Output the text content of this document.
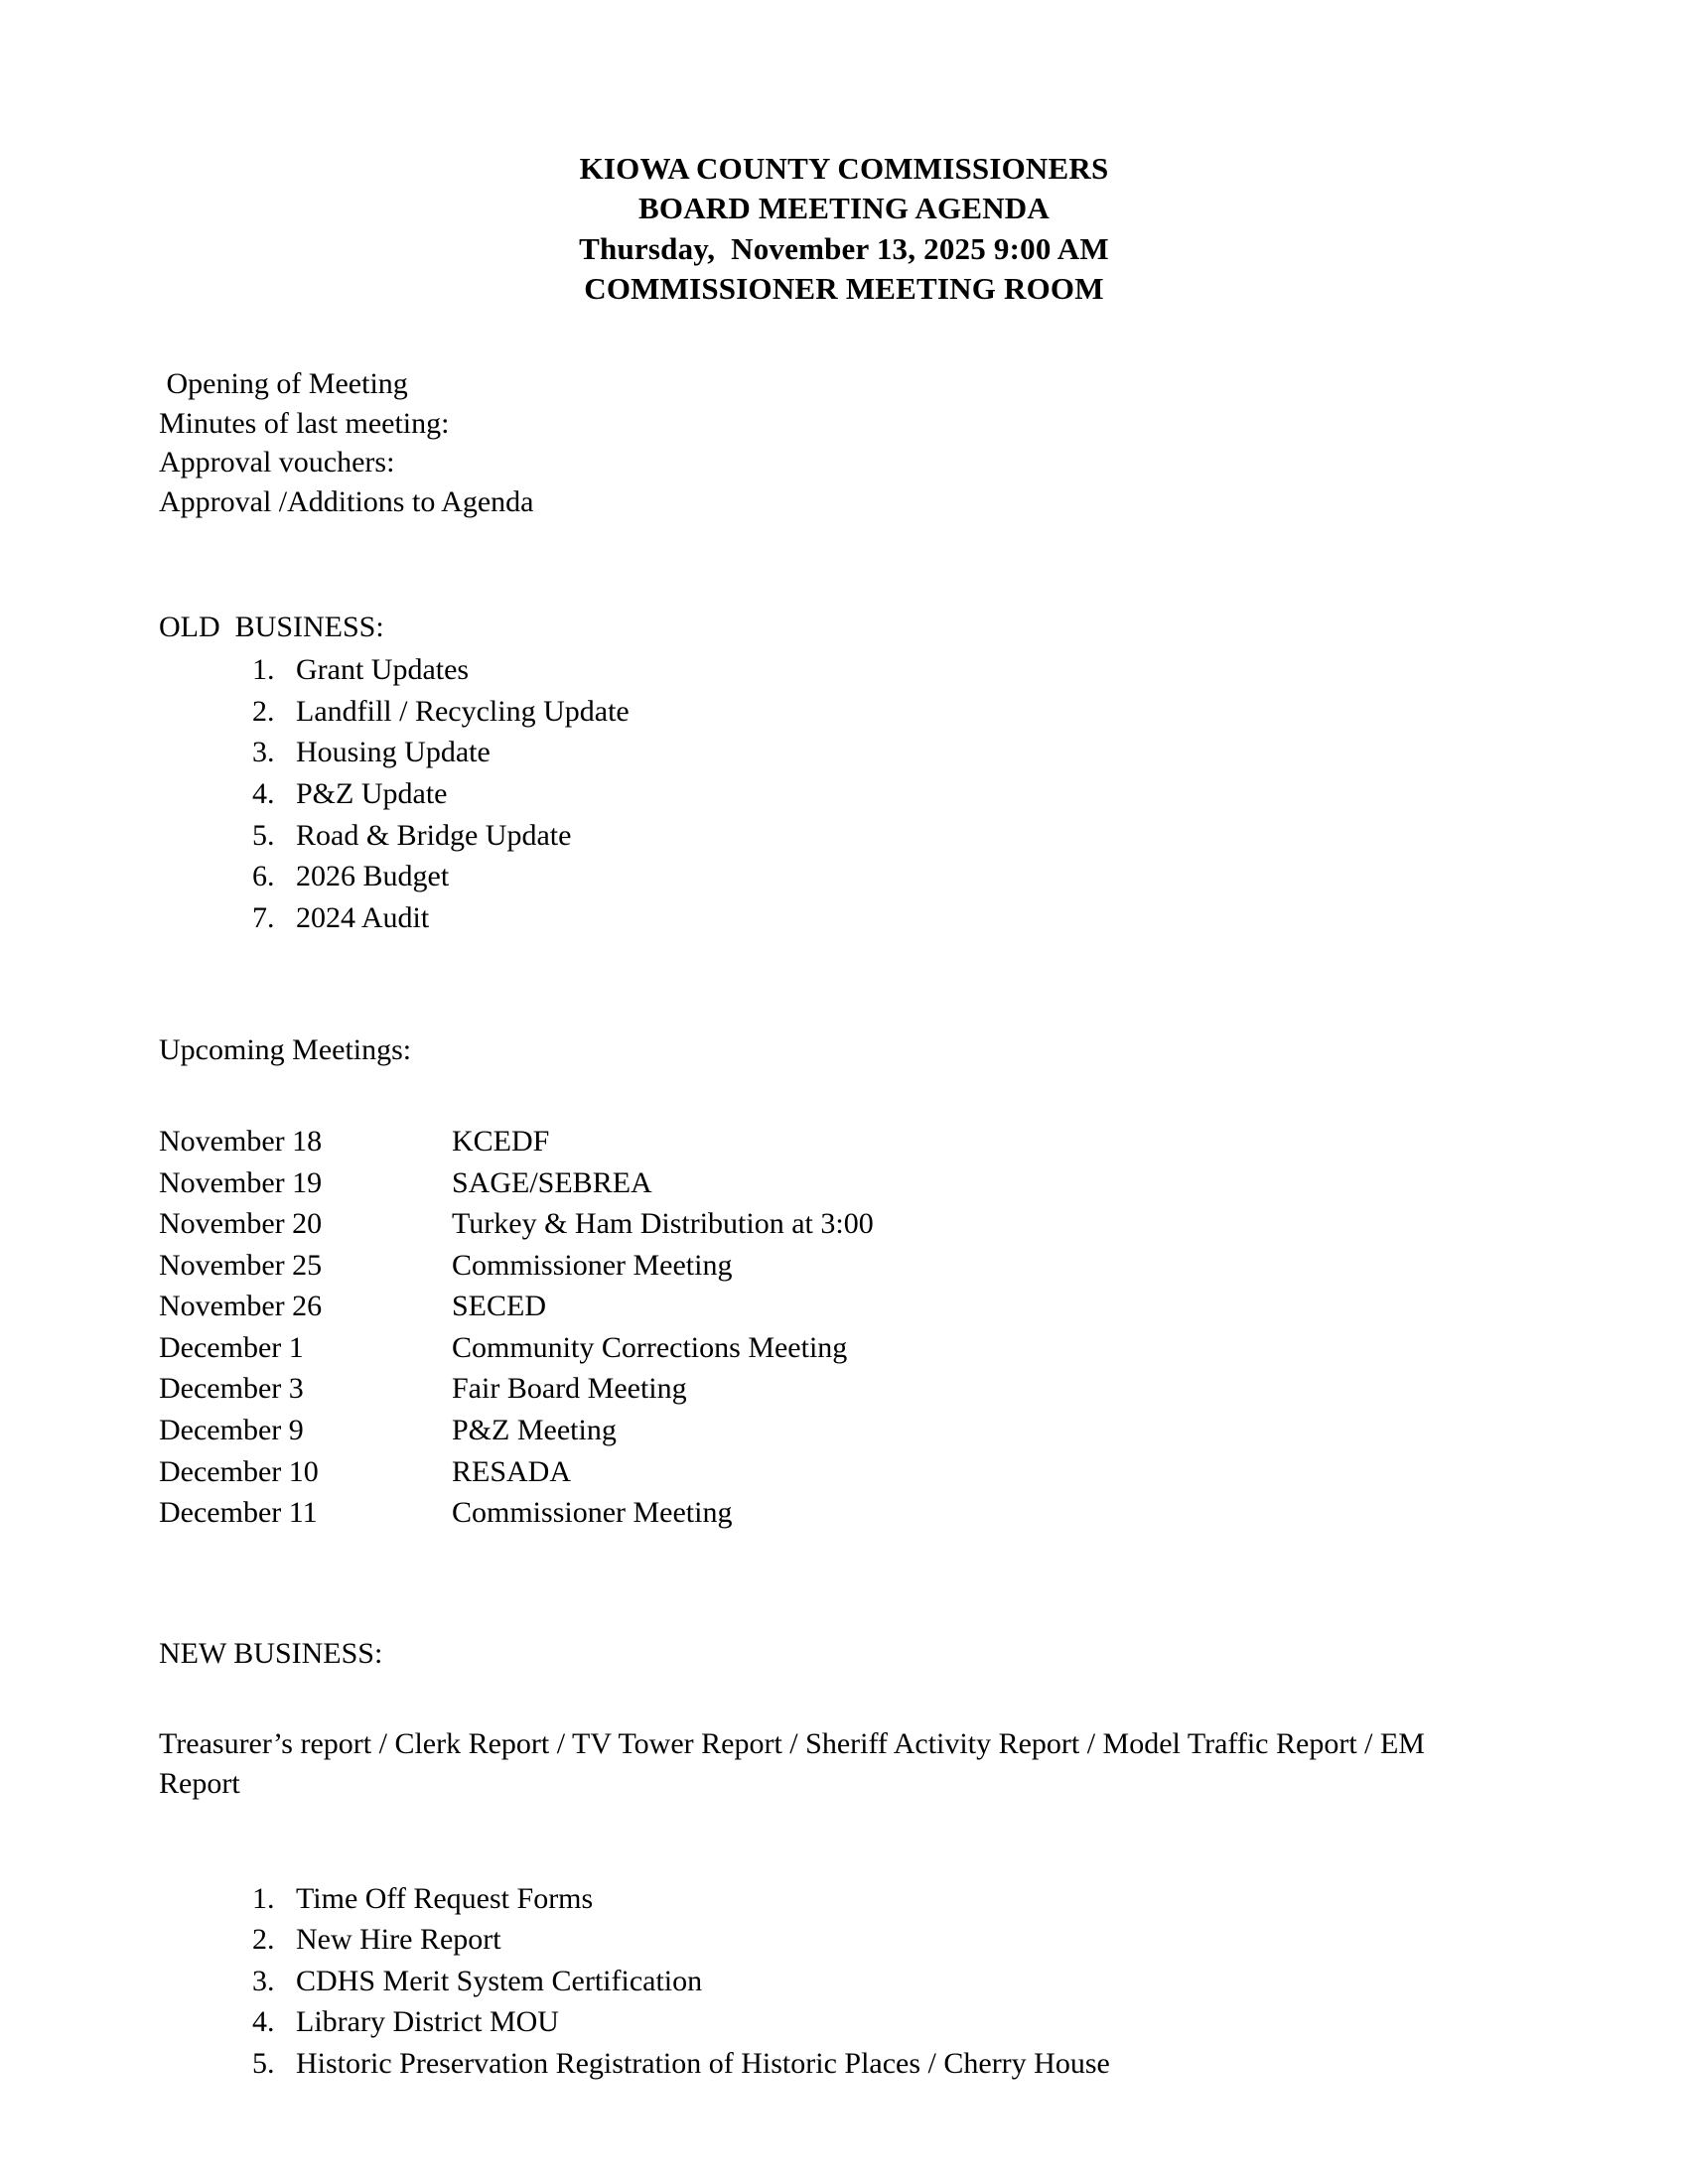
KIOWA COUNTY COMMISSIONERS
BOARD MEETING AGENDA
Thursday,  November 13, 2025 9:00 AM
COMMISSIONER MEETING ROOM
Opening of Meeting
Minutes of last meeting:
Approval vouchers:
Approval /Additions to Agenda
OLD  BUSINESS:
1. Grant Updates
2. Landfill / Recycling Update
3. Housing Update
4. P&Z Update
5. Road & Bridge Update
6. 2026 Budget
7. 2024 Audit
Upcoming Meetings:
November 18	KCEDF
November 19	SAGE/SEBREA
November 20	Turkey & Ham Distribution at 3:00
November 25	Commissioner Meeting
November 26	SECED
December 1	Community Corrections Meeting
December 3	Fair Board Meeting
December 9	P&Z Meeting
December 10	RESADA
December 11	Commissioner Meeting
NEW BUSINESS:

Treasurer’s report / Clerk Report / TV Tower Report / Sheriff Activity Report / Model Traffic Report / EM Report

1. Time Off Request Forms
2. New Hire Report
3. CDHS Merit System Certification
4. Library District MOU
5. Historic Preservation Registration of Historic Places / Cherry House
